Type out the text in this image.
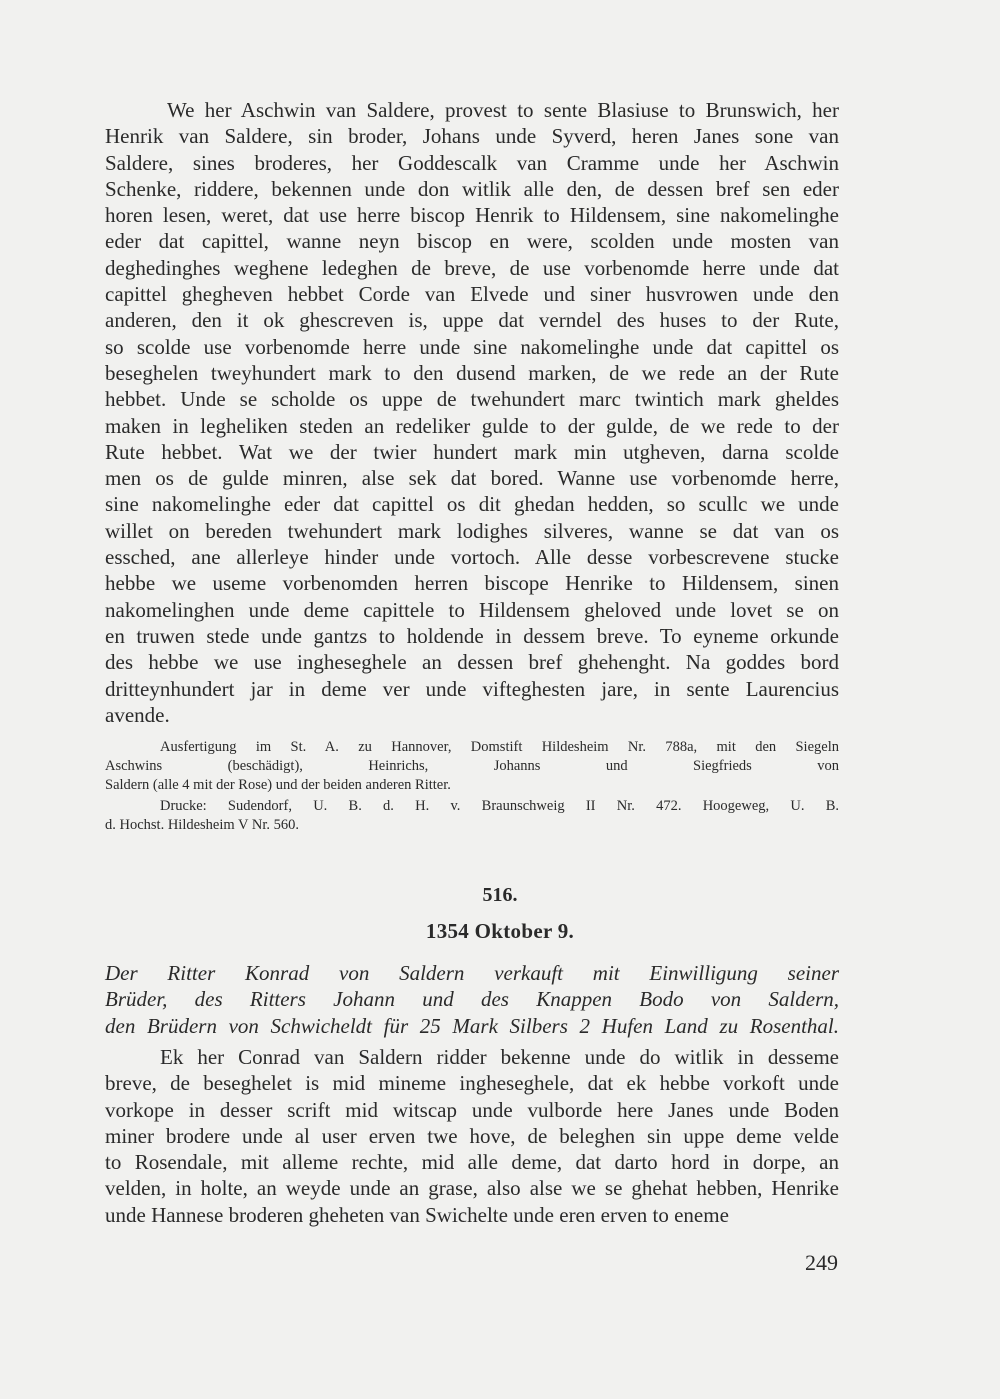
We her Aschwin van Saldere, provest to sente Blasiuse to Brunswich, her
Henrik van Saldere, sin broder, Johans unde Syverd, heren Janes sone van
Saldere, sines broderes, her Goddescalk van Cramme unde her Aschwin
Schenke, riddere, bekennen unde don witlik alle den, de dessen bref sen eder
horen lesen, weret, dat use herre biscop Henrik to Hildensem, sine nakomelinghe
eder dat capittel, wanne neyn biscop en were, scolden unde mosten van
deghedinghes weghene ledeghen de breve, de use vorbenomde herre unde dat
capittel ghegheven hebbet Corde van Elvede und siner husvrowen unde den
anderen, den it ok ghescreven is, uppe dat verndel des huses to der Rute,
so scolde use vorbenomde herre unde sine nakomelinghe unde dat capittel os
beseghelen tweyhundert mark to den dusend marken, de we rede an der Rute
hebbet. Unde se scholde os uppe de twehundert marc twintich mark gheldes
maken in legheliken steden an redeliker gulde to der gulde, de we rede to der
Rute hebbet. Wat we der twier hundert mark min utgheven, darna scolde
men os de gulde minren, alse sek dat bored. Wanne use vorbenomde herre,
sine nakomelinghe eder dat capittel os dit ghedan hedden, so scullc we unde
willet on bereden twehundert mark lodighes silveres, wanne se dat van os
essched, ane allerleye hinder unde vortoch. Alle desse vorbescrevene stucke
hebbe we useme vorbenomden herren biscope Henrike to Hildensem, sinen
nakomelinghen unde deme capittele to Hildensem gheloved unde lovet se on
en truwen stede unde gantzs to holdende in dessem breve. To eyneme orkunde
des hebbe we use ingheseghele an dessen bref ghehenght. Na goddes bord
dritteynhundert jar in deme ver unde vifteghesten jare, in sente Laurencius
avende.
Ausfertigung im St. A. zu Hannover, Domstift Hildesheim Nr. 788a, mit den Siegeln
Aschwins (beschädigt), Heinrichs, Johanns und Siegfrieds von
Saldern (alle 4 mit der Rose) und der beiden anderen Ritter.
Drucke: Sudendorf, U. B. d. H. v. Braunschweig II Nr. 472. Hoogeweg, U. B.
d. Hochst. Hildesheim V Nr. 560.
516.
1354 Oktober 9.
Der Ritter Konrad von Saldern verkauft mit Einwilligung seiner
Brüder, des Ritters Johann und des Knappen Bodo von Saldern,
den Brüdern von Schwicheldt für 25 Mark Silbers 2 Hufen Land zu Rosenthal.
Ek her Conrad van Saldern ridder bekenne unde do witlik in desseme
breve, de beseghelet is mid mineme ingheseghele, dat ek hebbe vorkoft unde
vorkope in desser scrift mid witscap unde vulborde here Janes unde Boden
miner brodere unde al user erven twe hove, de beleghen sin uppe deme velde
to Rosendale, mit alleme rechte, mid alle deme, dat darto hord in dorpe, an
velden, in holte, an weyde unde an grase, also alse we se ghehat hebben, Henrike
unde Hannese broderen gheheten van Swichelte unde eren erven to eneme
249
